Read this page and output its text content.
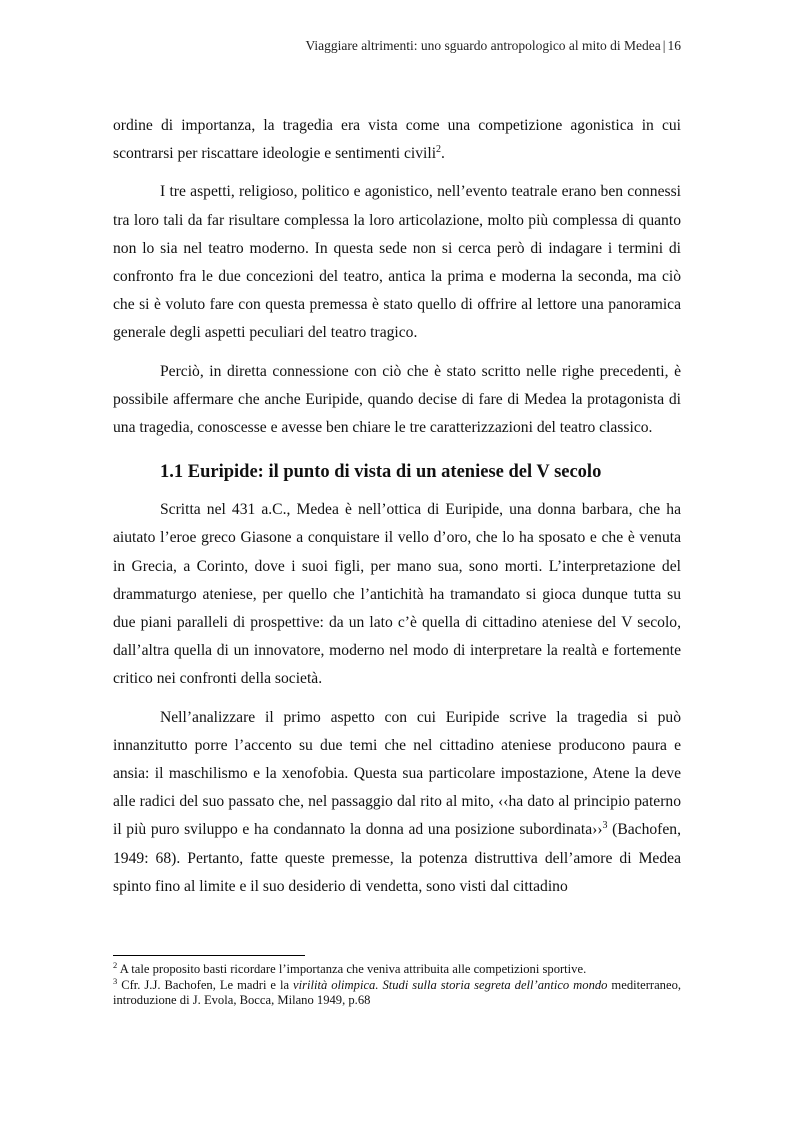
Viaggiare altrimenti: uno sguardo antropologico al mito di Medea | 16

ordine di importanza, la tragedia era vista come una competizione agonistica in cui scontrarsi per riscattare ideologie e sentimenti civili$^2$.

I tre aspetti, religioso, politico e agonistico, nell’evento teatrale erano ben connessi tra loro tali da far risultare complessa la loro articolazione, molto più complessa di quanto non lo sia nel teatro moderno. In questa sede non si cerca però di indagare i termini di confronto fra le due concezioni del teatro, antica la prima e moderna la seconda, ma ciò che si è voluto fare con questa premessa è stato quello di offrire al lettore una panoramica generale degli aspetti peculiari del teatro tragico.

Perciò, in diretta connessione con ciò che è stato scritto nelle righe precedenti, è possibile affermare che anche Euripide, quando decise di fare di Medea la protagonista di una tragedia, conoscesse e avesse ben chiare le tre caratterizzazioni del teatro classico.

1.1 Euripide: il punto di vista di un ateniese del V secolo

Scritta nel 431 a.C., Medea è nell’ottica di Euripide, una donna barbara, che ha aiutato l’eroe greco Giasone a conquistare il vello d’oro, che lo ha sposato e che è venuta in Grecia, a Corinto, dove i suoi figli, per mano sua, sono morti. L’interpretazione del drammaturgo ateniese, per quello che l’antichità ha tramandato si gioca dunque tutta su due piani paralleli di prospettive: da un lato c’è quella di cittadino ateniese del V secolo, dall’altra quella di un innovatore, moderno nel modo di interpretare la realtà e fortemente critico nei confronti della società.

Nell’analizzare il primo aspetto con cui Euripide scrive la tragedia si può innanzitutto porre l’accento su due temi che nel cittadino ateniese producono paura e ansia: il maschilismo e la xenofobia. Questa sua particolare impostazione, Atene la deve alle radici del suo passato che, nel passaggio dal rito al mito, ‹‹ha dato al principio paterno il più puro sviluppo e ha condannato la donna ad una posizione subordinata››$^3$ (Bachofen, 1949: 68). Pertanto, fatte queste premesse, la potenza distruttiva dell’amore di Medea spinto fino al limite e il suo desiderio di vendetta, sono visti dal cittadino

$^2$ A tale proposito basti ricordare l’importanza che veniva attribuita alle competizioni sportive.

$^3$ Cfr. J.J. Bachofen, Le madri e la virilità olimpica. Studi sulla storia segreta dell’antico mondo mediterraneo, introduzione di J. Evola, Bocca, Milano 1949, p.68
